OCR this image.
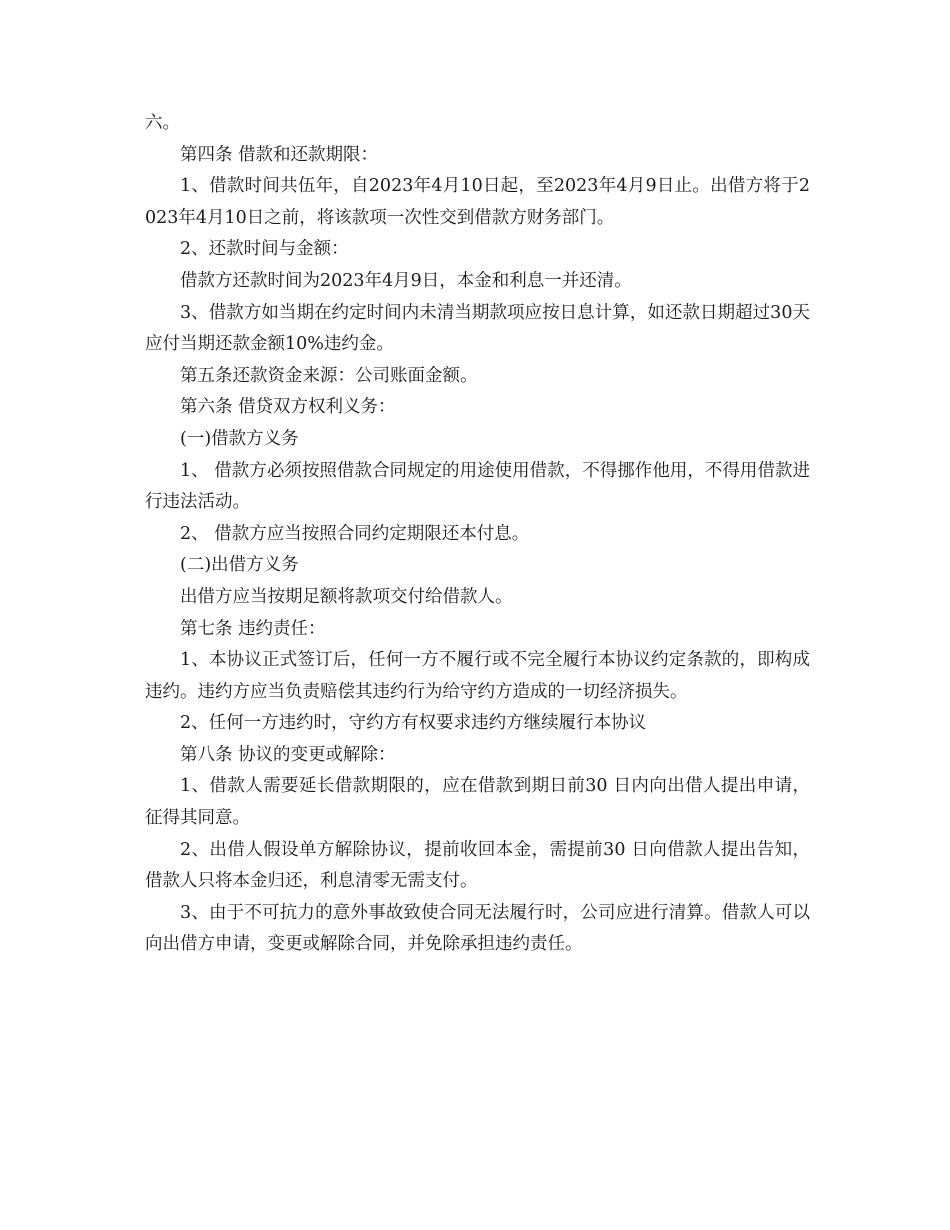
六。

第四条 借款和还款期限：

1、借款时间共伍年，自2023年4月10日起，至2023年4月9日止。出借方将于2023年4月10日之前，将该款项一次性交到借款方财务部门。

2、还款时间与金额：

借款方还款时间为2023年4月9日，本金和利息一并还清。

3、借款方如当期在约定时间内未清当期款项应按日息计算，如还款日期超过30天应付当期还款金额10%违约金。

第五条还款资金来源：公司账面金额。

第六条 借贷双方权利义务：

(一)借款方义务

1、 借款方必须按照借款合同规定的用途使用借款，不得挪作他用，不得用借款进行违法活动。

2、 借款方应当按照合同约定期限还本付息。

(二)出借方义务

出借方应当按期足额将款项交付给借款人。

第七条 违约责任：

1、本协议正式签订后，任何一方不履行或不完全履行本协议约定条款的，即构成违约。违约方应当负责赔偿其违约行为给守约方造成的一切经济损失。

2、任何一方违约时，守约方有权要求违约方继续履行本协议

第八条 协议的变更或解除：

1、借款人需要延长借款期限的，应在借款到期日前30 日内向出借人提出申请，征得其同意。

2、出借人假设单方解除协议，提前收回本金，需提前30 日向借款人提出告知，借款人只将本金归还，利息清零无需支付。

3、由于不可抗力的意外事故致使合同无法履行时，公司应进行清算。借款人可以向出借方申请，变更或解除合同，并免除承担违约责任。
